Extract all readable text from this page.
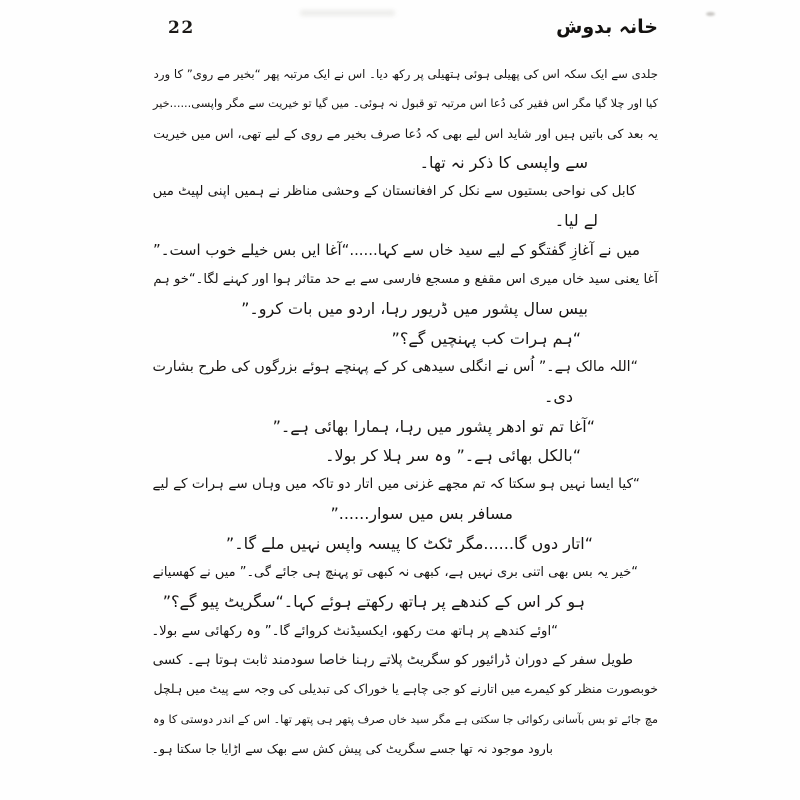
22	خانہ بدوش
جلدی سے ایک سکہ اس کی پھیلی ہوئی ہتھیلی پر رکھ دیا۔ اس نے ایک مرتبہ پھر “بخیر مے روی” کا ورد
کیا اور چلا گیا مگر اس فقیر کی دُعا اس مرتبہ تو قبول نہ ہوئی۔ میں گیا تو خیریت سے مگر واپسی......خیر
یہ بعد کی باتیں ہیں اور شاید اس لیے بھی کہ دُعا صرف بخیر مے روی کے لیے تھی، اس میں خیریت
سے واپسی کا ذکر نہ تھا۔
کابل کی نواحی بستیوں سے نکل کر افغانستان کے وحشی مناظر نے ہمیں اپنی لپیٹ میں
لے لیا۔
میں نے آغازِ گفتگو کے لیے سید خاں سے کہا......“آغا ایں بس خیلے خوب است۔”
آغا یعنی سید خاں میری اس مقفع و مسجع فارسی سے بے حد متاثر ہوا اور کہنے لگا۔“خو ہم
بیس سال پشور میں ڈریور رہا، اردو میں بات کرو۔”
“ہم ہرات کب پہنچیں گے؟”
“اللہ مالک ہے۔” اُس نے انگلی سیدھی کر کے پہنچے ہوئے بزرگوں کی طرح بشارت
دی۔
“آغا تم تو ادھر پشور میں رہا، ہمارا بھائی ہے۔”
“بالکل بھائی ہے۔” وہ سر ہلا کر بولا۔
“کیا ایسا نہیں ہو سکتا کہ تم مجھے غزنی میں اتار دو تاکہ میں وہاں سے ہرات کے لیے
مسافر بس میں سوار......”
“اتار دوں گا......مگر ٹکٹ کا پیسہ واپس نہیں ملے گا۔”
“خیر یہ بس بھی اتنی بری نہیں ہے، کبھی نہ کبھی تو پہنچ ہی جائے گی۔” میں نے کھسیانے
ہو کر اس کے کندھے پر ہاتھ رکھتے ہوئے کہا۔“سگریٹ پیو گے؟”
“اوئے کندھے پر ہاتھ مت رکھو، ایکسیڈنٹ کروائے گا۔” وہ رکھائی سے بولا۔
طویل سفر کے دوران ڈرائیور کو سگریٹ پلاتے رہنا خاصا سودمند ثابت ہوتا ہے۔ کسی
خوبصورت منظر کو کیمرے میں اتارنے کو جی چاہے یا خوراک کی تبدیلی کی وجہ سے پیٹ میں ہلچل
مچ جائے تو بس بآسانی رکوائی جا سکتی ہے مگر سید خاں صرف پتھر ہی پتھر تھا۔ اس کے اندر دوستی کا وہ
بارود موجود نہ تھا جسے سگریٹ کی پیش کش سے بھک سے اڑایا جا سکتا ہو۔
